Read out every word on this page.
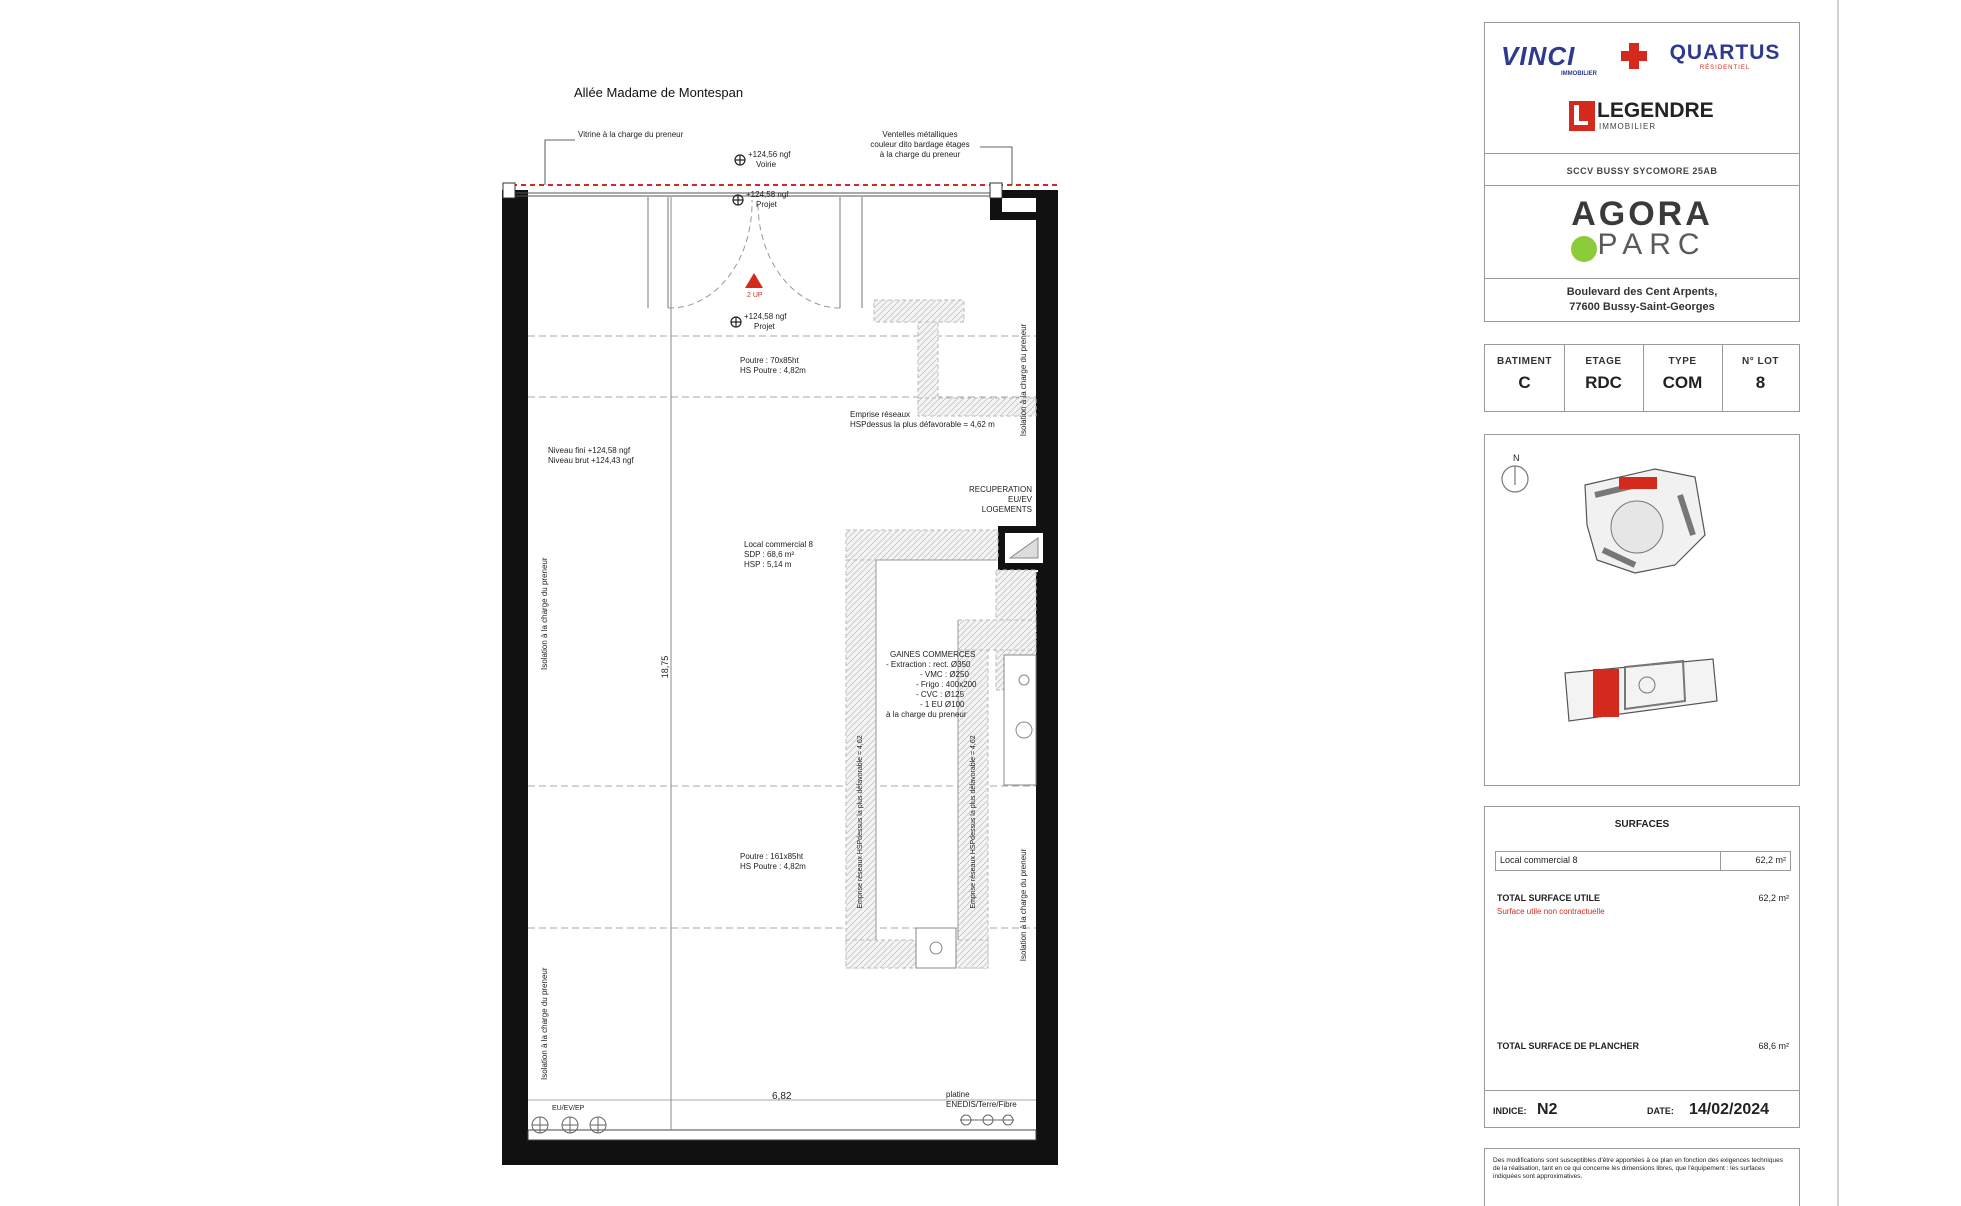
Allée Madame de Montespan
Vitrine à la charge du preneur	Ventelles métalliques
couleur dito bardage étages
à la charge du preneur
+124,56 ngf
Voirie
+124,58 ngf
Projet
2 UP
+124,58 ngf
Projet
Poutre : 70x85ht
HS Poutre : 4,82m
Emprise réseaux
HSPdessus la plus défavorable = 4,62 m
Niveau fini +124,58 ngf
Niveau brut +124,43 ngf
RECUPERATION
EU/EV
LOGEMENTS
Local commercial 8
SDP : 68,6 m²
HSP : 5,14 m
GAINES COMMERCES
- Extraction : rect. Ø350
- VMC : Ø250
- Frigo : 400x200
- CVC : Ø125
- 1 EU Ø100
à la charge du preneur
Poutre : 161x85ht
HS Poutre : 4,82m
Isolation à la charge du preneur
Isolation à la charge du preneur
Isolation à la charge du preneur
Isolation à la charge du preneur
Emprise réseaux HSPdessus la plus défavorable = 4,62	Emprise réseaux HSPdessus la plus défavorable = 4,62
18,75
6,82
EU/EV/EP
platine
ENEDIS/Terre/Fibre
VINCI
IMMOBILIER
QUARTUS
RÉSIDENTIEL
LEGENDRE
IMMOBILIER
SCCV BUSSY SYCOMORE 25AB
AGORA
PARC
Boulevard des Cent Arpents,
77600 Bussy-Saint-Georges
BATIMENT
C
ETAGE
RDC
TYPE
COM
N° LOT
8
N
SURFACES
Local commercial 8	62,2 m²
TOTAL SURFACE UTILE	62,2 m²
Surface utile non contractuelle
TOTAL SURFACE DE PLANCHER	68,6 m²
INDICE: N2	DATE: 14/02/2024
Des modifications sont susceptibles d'être apportées à ce plan en fonction des exigences techniques de la réalisation, tant en ce qui concerne les dimensions libres, que l'équipement : les surfaces indiquées sont approximatives.
